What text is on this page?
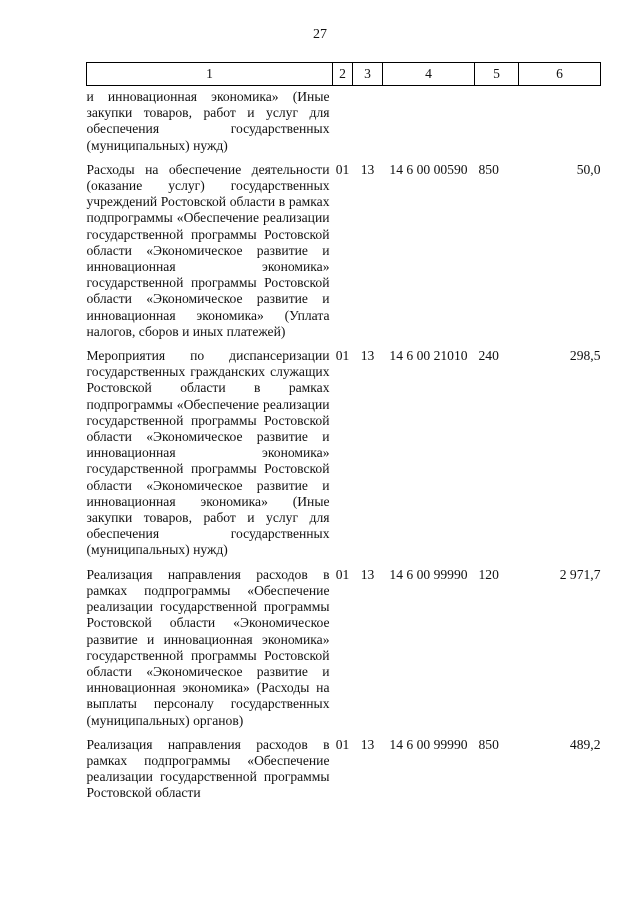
27
1	2	3	4	5	6
и инновационная экономика» (Иные закупки товаров, работ и услуг для обеспечения государственных (муниципальных) нужд)					
Расходы на обеспечение деятельности (оказание услуг) государственных учреждений Ростовской области в рамках подпрограммы «Обеспечение реализации государственной программы Ростовской области «Экономическое развитие и инновационная экономика» государственной программы Ростовской области «Экономическое развитие и инновационная экономика» (Уплата налогов, сборов и иных платежей)	01	13	14 6 00 00590	850	50,0
Мероприятия по диспансеризации государственных гражданских служащих Ростовской области в рамках подпрограммы «Обеспечение реализации государственной программы Ростовской области «Экономическое развитие и инновационная экономика» государственной программы Ростовской области «Экономическое развитие и инновационная экономика» (Иные закупки товаров, работ и услуг для обеспечения государственных (муниципальных) нужд)	01	13	14 6 00 21010	240	298,5
Реализация направления расходов в рамках подпрограммы «Обеспечение реализации государственной программы Ростовской области «Экономическое развитие и инновационная экономика» государственной программы Ростовской области «Экономическое развитие и инновационная экономика» (Расходы на выплаты персоналу государственных (муниципальных) органов)	01	13	14 6 00 99990	120	2 971,7
Реализация направления расходов в рамках подпрограммы «Обеспечение реализации государственной программы Ростовской области	01	13	14 6 00 99990	850	489,2
